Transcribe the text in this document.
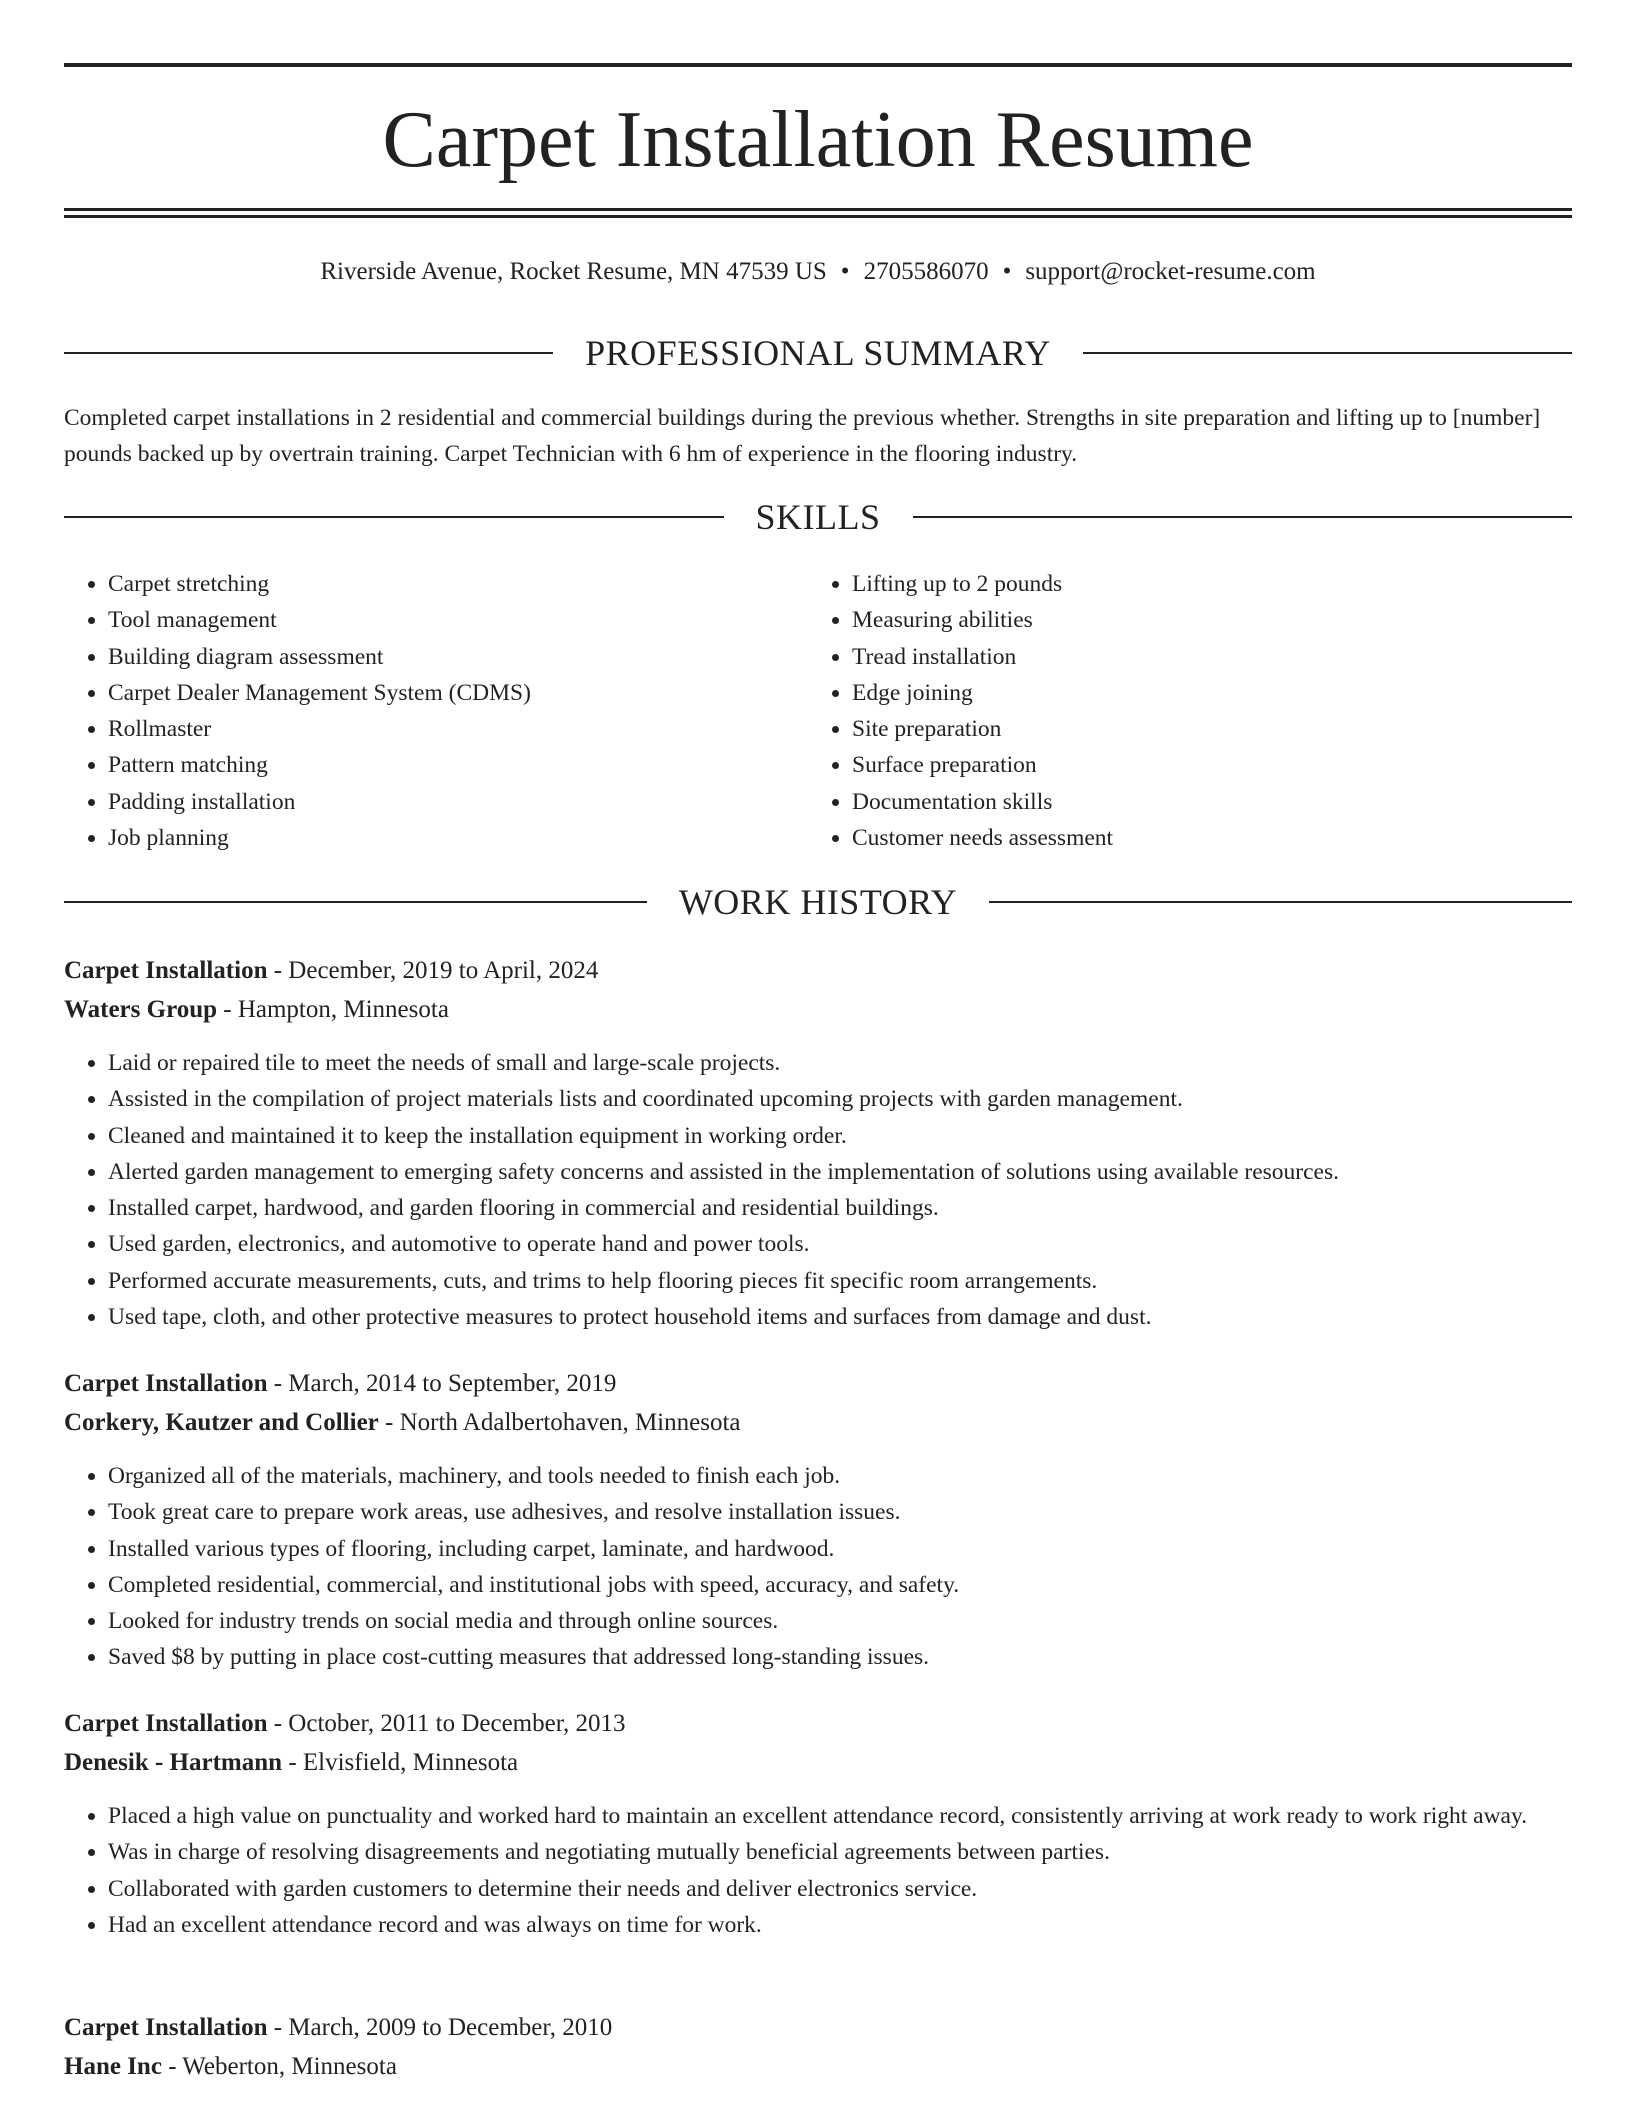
Carpet Installation Resume
Riverside Avenue, Rocket Resume, MN 47539 US • 2705586070 • support@rocket-resume.com
PROFESSIONAL SUMMARY

Completed carpet installations in 2 residential and commercial buildings during the previous whether. Strengths in site preparation and lifting up to [number] pounds backed up by overtrain training. Carpet Technician with 6 hm of experience in the flooring industry.

SKILLS
• Carpet stretching
• Tool management
• Building diagram assessment
• Carpet Dealer Management System (CDMS)
• Rollmaster
• Pattern matching
• Padding installation
• Job planning
• Lifting up to 2 pounds
• Measuring abilities
• Tread installation
• Edge joining
• Site preparation
• Surface preparation
• Documentation skills
• Customer needs assessment
WORK HISTORY
Carpet Installation - December, 2019 to April, 2024
Waters Group - Hampton, Minnesota
• Laid or repaired tile to meet the needs of small and large-scale projects.
• Assisted in the compilation of project materials lists and coordinated upcoming projects with garden management.
• Cleaned and maintained it to keep the installation equipment in working order.
• Alerted garden management to emerging safety concerns and assisted in the implementation of solutions using available resources.
• Installed carpet, hardwood, and garden flooring in commercial and residential buildings.
• Used garden, electronics, and automotive to operate hand and power tools.
• Performed accurate measurements, cuts, and trims to help flooring pieces fit specific room arrangements.
• Used tape, cloth, and other protective measures to protect household items and surfaces from damage and dust.
Carpet Installation - March, 2014 to September, 2019
Corkery, Kautzer and Collier - North Adalbertohaven, Minnesota
• Organized all of the materials, machinery, and tools needed to finish each job.
• Took great care to prepare work areas, use adhesives, and resolve installation issues.
• Installed various types of flooring, including carpet, laminate, and hardwood.
• Completed residential, commercial, and institutional jobs with speed, accuracy, and safety.
• Looked for industry trends on social media and through online sources.
• Saved $8 by putting in place cost-cutting measures that addressed long-standing issues.
Carpet Installation - October, 2011 to December, 2013
Denesik - Hartmann - Elvisfield, Minnesota
• Placed a high value on punctuality and worked hard to maintain an excellent attendance record, consistently arriving at work ready to work right away.
• Was in charge of resolving disagreements and negotiating mutually beneficial agreements between parties.
• Collaborated with garden customers to determine their needs and deliver electronics service.
• Had an excellent attendance record and was always on time for work.
Carpet Installation - March, 2009 to December, 2010
Hane Inc - Weberton, Minnesota
